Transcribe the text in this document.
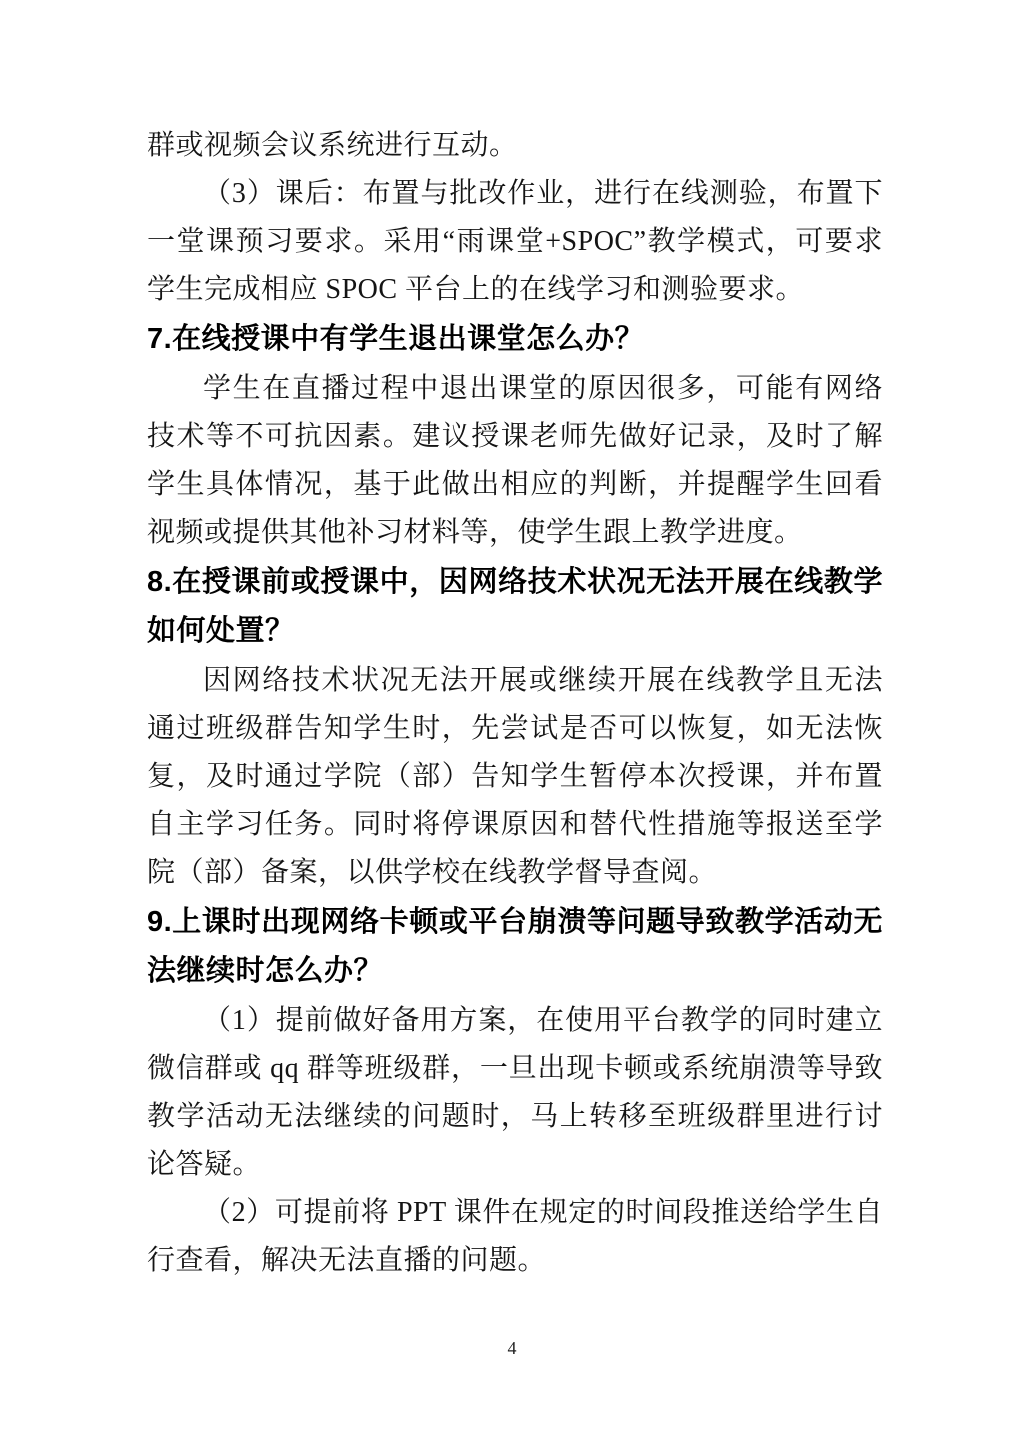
群或视频会议系统进行互动。

（3）课后：布置与批改作业，进行在线测验，布置下一堂课预习要求。采用“雨课堂+SPOC”教学模式，可要求学生完成相应 SPOC 平台上的在线学习和测验要求。

7.在线授课中有学生退出课堂怎么办？

学生在直播过程中退出课堂的原因很多，可能有网络技术等不可抗因素。建议授课老师先做好记录，及时了解学生具体情况，基于此做出相应的判断，并提醒学生回看视频或提供其他补习材料等，使学生跟上教学进度。

8.在授课前或授课中，因网络技术状况无法开展在线教学如何处置？

因网络技术状况无法开展或继续开展在线教学且无法通过班级群告知学生时，先尝试是否可以恢复，如无法恢复，及时通过学院（部）告知学生暂停本次授课，并布置自主学习任务。同时将停课原因和替代性措施等报送至学院（部）备案，以供学校在线教学督导查阅。

9.上课时出现网络卡顿或平台崩溃等问题导致教学活动无法继续时怎么办？

（1）提前做好备用方案，在使用平台教学的同时建立微信群或 qq 群等班级群，一旦出现卡顿或系统崩溃等导致教学活动无法继续的问题时，马上转移至班级群里进行讨论答疑。

（2）可提前将 PPT 课件在规定的时间段推送给学生自行查看，解决无法直播的问题。

4
